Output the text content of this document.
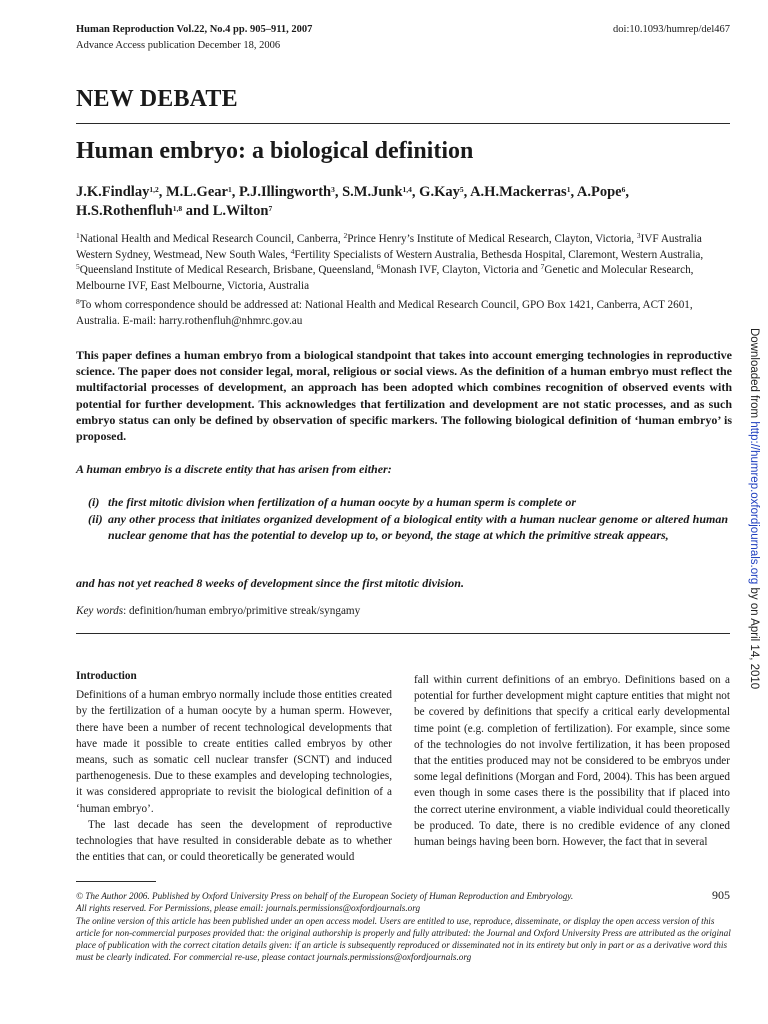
Human Reproduction Vol.22, No.4 pp. 905–911, 2007	doi:10.1093/humrep/del467
Advance Access publication December 18, 2006
NEW DEBATE
Human embryo: a biological definition
J.K.Findlay$^{1,2}$, M.L.Gear$^1$, P.J.Illingworth$^3$, S.M.Junk$^{1,4}$, G.Kay$^5$, A.H.Mackerras$^1$, A.Pope$^6$, H.S.Rothenfluh$^{1,8}$ and L.Wilton$^7$
$^1$National Health and Medical Research Council, Canberra, $^2$Prince Henry’s Institute of Medical Research, Clayton, Victoria, $^3$IVF Australia Western Sydney, Westmead, New South Wales, $^4$Fertility Specialists of Western Australia, Bethesda Hospital, Claremont, Western Australia, $^5$Queensland Institute of Medical Research, Brisbane, Queensland, $^6$Monash IVF, Clayton, Victoria and $^7$Genetic and Molecular Research, Melbourne IVF, East Melbourne, Victoria, Australia
$^8$To whom correspondence should be addressed at: National Health and Medical Research Council, GPO Box 1421, Canberra, ACT 2601, Australia. E-mail: harry.rothenfluh@nhmrc.gov.au
This paper defines a human embryo from a biological standpoint that takes into account emerging technologies in reproductive science. The paper does not consider legal, moral, religious or social views. As the definition of a human embryo must reflect the multifactorial processes of development, an approach has been adopted which combines recognition of observed events with potential for further development. This acknowledges that fertilization and development are not static processes, and as such embryo status can only be defined by observation of specific markers. The following biological definition of ‘human embryo’ is proposed.
A human embryo is a discrete entity that has arisen from either:
(i) the first mitotic division when fertilization of a human oocyte by a human sperm is complete or
(ii) any other process that initiates organized development of a biological entity with a human nuclear genome or altered human nuclear genome that has the potential to develop up to, or beyond, the stage at which the primitive streak appears,
and has not yet reached 8 weeks of development since the first mitotic division.
Key words: definition/human embryo/primitive streak/syngamy
Introduction

Definitions of a human embryo normally include those entities created by the fertilization of a human oocyte by a human sperm. However, there have been a number of recent technological developments that have made it possible to create entities called embryos by other means, such as somatic cell nuclear transfer (SCNT) and induced parthenogenesis. Due to these examples and developing technologies, it was considered appropriate to revisit the biological definition of a ‘human embryo’.

The last decade has seen the development of reproductive technologies that have resulted in considerable debate as to whether the entities that can, or could theoretically be generated would

fall within current definitions of an embryo. Definitions based on a potential for further development might capture entities that might not be covered by definitions that specify a critical early developmental time point (e.g. completion of fertilization). For example, since some of the technologies do not involve fertilization, it has been proposed that the entities produced may not be considered to be embryos under some legal definitions (Morgan and Ford, 2004). This has been argued even though in some cases there is the possibility that if placed into the correct uterine environment, a viable individual could theoretically be produced. To date, there is no credible evidence of any cloned human beings having been born. However, the fact that in several

905

© The Author 2006. Published by Oxford University Press on behalf of the European Society of Human Reproduction and Embryology.

All rights reserved. For Permissions, please email: journals.permissions@oxfordjournals.org

The online version of this article has been published under an open access model. Users are entitled to use, reproduce, disseminate, or display the open access version of this article for non-commercial purposes provided that: the original authorship is properly and fully attributed: the Journal and Oxford University Press are attributed as the original place of publication with the correct citation details given: if an article is subsequently reproduced or disseminated not in its entirety but only in part or as a derivative word this must be clearly indicated. For commercial re-use, please contact journals.permissions@oxfordjournals.org

Downloaded from http://humrep.oxfordjournals.org by on April 14, 2010
